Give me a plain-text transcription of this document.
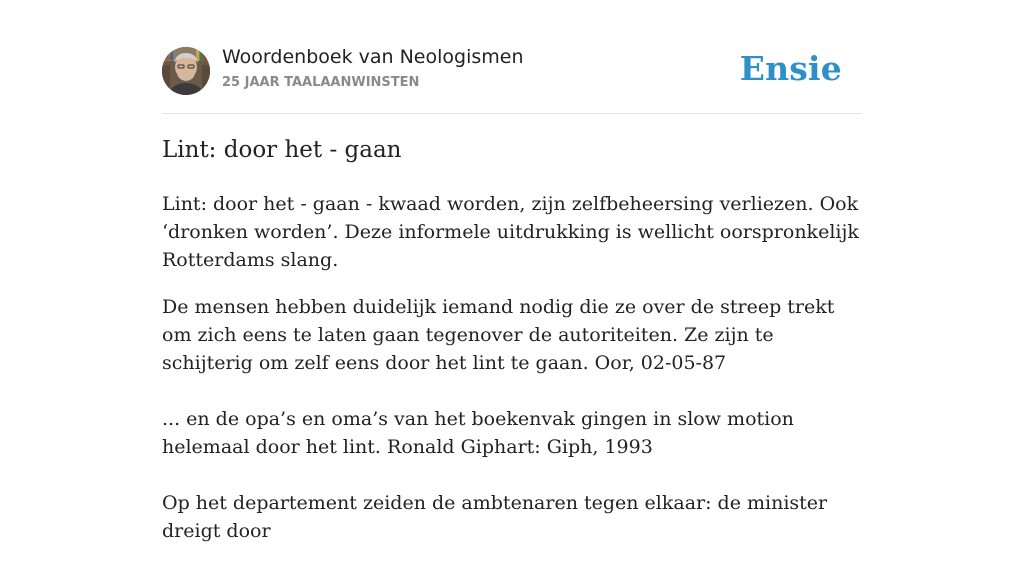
Woordenboek van Neologismen
25 JAAR TAALAANWINSTEN	Ensie
Lint: door het - gaan

Lint: door het - gaan - kwaad worden, zijn zelfbeheersing verliezen. Ook ‘dronken worden’. Deze informele uitdrukking is wellicht oorspronkelijk Rotterdams slang.

De mensen hebben duidelijk iemand nodig die ze over de streep trekt om zich eens te laten gaan tegenover de autoriteiten. Ze zijn te schijterig om zelf eens door het lint te gaan. Oor, 02-05-87
... en de opa’s en oma’s van het boekenvak gingen in slow motion helemaal door het lint. Ronald Giphart: Giph, 1993
Op het departement zeiden de ambtenaren tegen elkaar: de minister dreigt door
